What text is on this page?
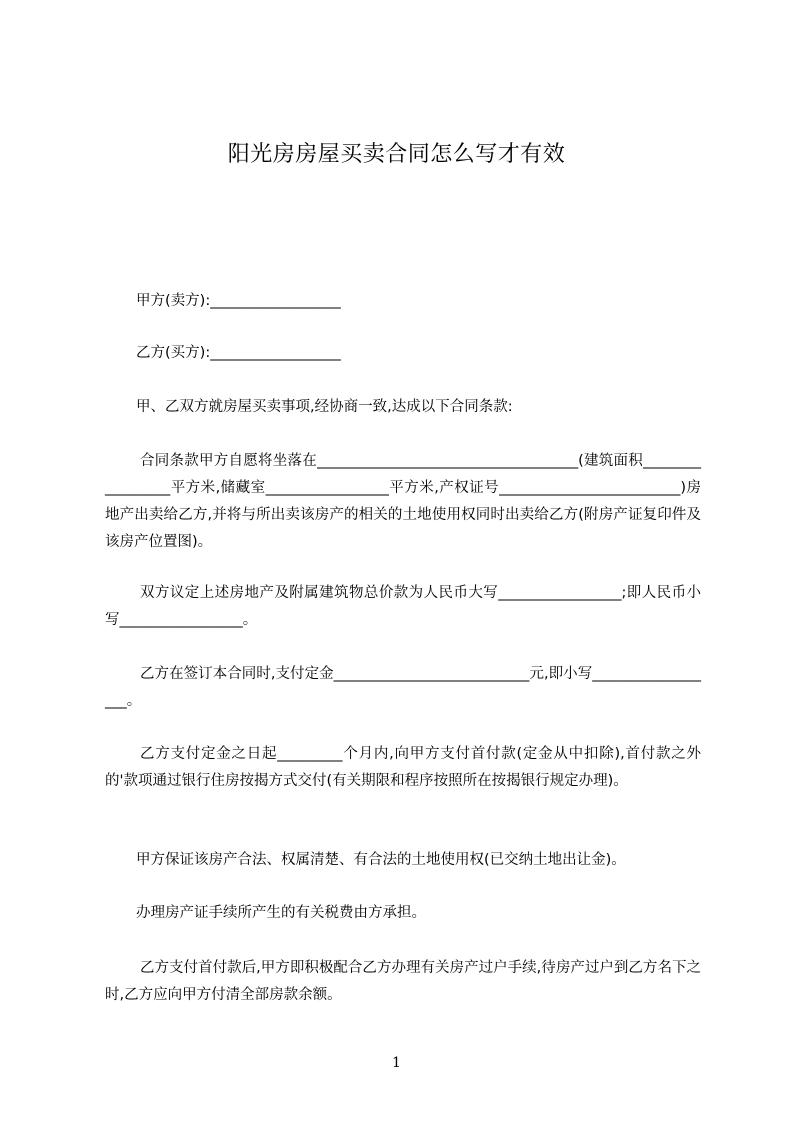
阳光房房屋买卖合同怎么写才有效
甲方(卖方):__________________
乙方(买方):__________________
甲、乙双方就房屋买卖事项,经协商一致,达成以下合同条款:
合同条款甲方自愿将坐落在____________________________________(建筑面积_________________平方米,储藏室_________________平方米,产权证号_________________________)房地产出卖给乙方,并将与所出卖该房产的相关的土地使用权同时出卖给乙方(附房产证复印件及该房产位置图)。
双方议定上述房地产及附属建筑物总价款为人民币大写_________________;即人民币小写_________________。
乙方在签订本合同时,支付定金___________________________元,即小写__________________。
乙方支付定金之日起_________个月内,向甲方支付首付款(定金从中扣除),首付款之外的'款项通过银行住房按揭方式交付(有关期限和程序按照所在按揭银行规定办理)。
甲方保证该房产合法、权属清楚、有合法的土地使用权(已交纳土地出让金)。
办理房产证手续所产生的有关税费由方承担。
乙方支付首付款后,甲方即积极配合乙方办理有关房产过户手续,待房产过户到乙方名下之时,乙方应向甲方付清全部房款余额。
1
